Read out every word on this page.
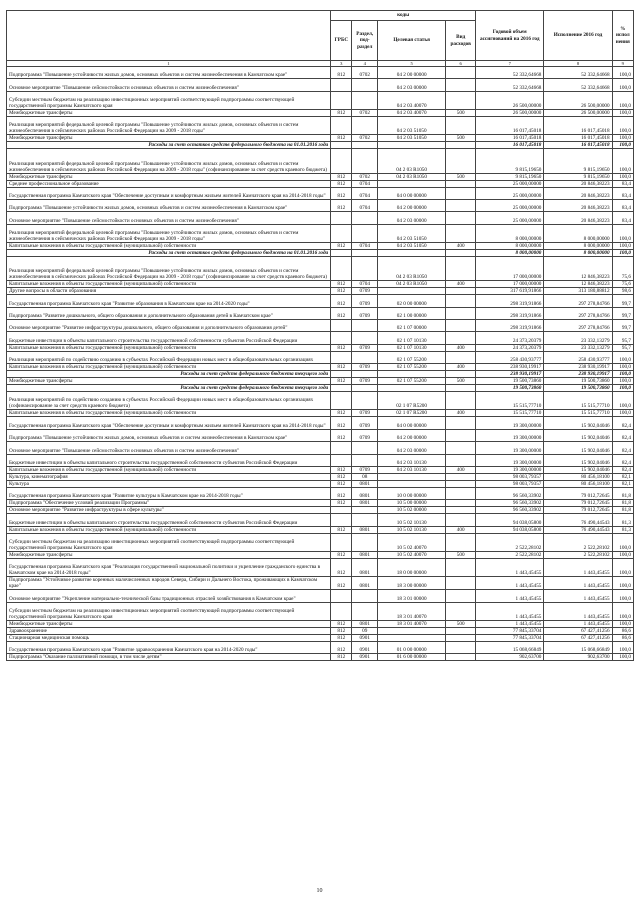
	коды				Годовой объем ассигнований на 2016 год	Исполнение 2016 год	% испол нения
	ГРБС	Раздел, под-раздел	Целевая статья	Вид расходов			
1	3	4	5	6	7	8	9
Подпрограмма "Повышение устойчивости жилых домов, основных объектов и систем жизнеобеспечения в Камчатском крае"	812	0702	04 2 00 00000		52 332,64668	52 332,64668	100,0
Основное мероприятие "Повышение сейсмостойкости основных объектов и систем жизнеобеспечения"			04 2 03 00000		52 332,64668	52 332,64668	100,0
Субсидии местным бюджетам на реализацию инвестиционных мероприятий соответствующей подпрограммы соответствующей государственной программы Камчатского края			04 2 03 40070		26 500,00000	26 500,00000	100,0
Межбюджетные трансферты	812	0702	04 2 03 40070	500	26 500,00000	26 500,00000	100,0
Реализация мероприятий федеральной целевой программы "Повышение устойчивости жилых домов, основных объектов и систем жизнеобеспечения в сейсмических районах Российской Федерации на 2009 - 2018 годы"			04 2 03 51050		16 017,45018	16 017,45018	100,0
Межбюджетные трансферты	812	0702	04 2 03 51050	500	16 017,45018	16 017,45018	100,0
Расходы за счет остатков средств федерального бюджета на 01.01.2016 года					16 017,45018	16 017,45018	100,0
Реализация мероприятий федеральной целевой программы "Повышение устойчивости жилых домов, основных объектов и систем жизнеобеспечения в сейсмических районах Российской Федерации на 2009 - 2018 годы" (софинансирование за счет средств краевого бюджета)			04 2 03 R1050		9 815,19650	9 815,19650	100,0
Межбюджетные трансферты	812	0702	04 2 03 R1050	500	9 815,19650	9 815,19650	100,0
Среднее профессиональное образование	812	0704			25 000,00000	20 846,38223	83,4
Государственная программа Камчатского края "Обеспечение доступным и комфортным жильем жителей Камчатского края на 2014-2018 годы"	812	0704	04 0 00 00000		25 000,00000	20 846,38223	83,4
Подпрограмма "Повышение устойчивости жилых домов, основных объектов и систем жизнеобеспечения в Камчатском крае"	812	0704	04 2 00 00000		25 000,00000	20 846,38223	83,4
Основное мероприятие "Повышение сейсмостойкости основных объектов и систем жизнеобеспечения"			04 2 03 00000		25 000,00000	20 846,38223	83,4
Реализация мероприятий федеральной целевой программы "Повышение устойчивости жилых домов, основных объектов и систем жизнеобеспечения в сейсмических районах Российской Федерации на 2009 - 2018 годы"			04 2 03 51050		8 000,00000	8 000,00000	100,0
Капитальные вложения в объекты государственной (муниципальной) собственности	812	0704	04 2 03 51050	400	8 000,00000	8 000,00000	100,0
Расходы за счет остатков средств федерального бюджета на 01.01.2016 года					8 000,00000	8 000,00000	100,0
Реализация мероприятий федеральной целевой программы "Повышение устойчивости жилых домов, основных объектов и систем жизнеобеспечения в сейсмических районах Российской Федерации на 2009 - 2018 годы" (софинансирование за счет средств краевого бюджета)			04 2 03 R1050		17 000,00000	12 846,38223	75,6
Капитальные вложения в объекты государственной (муниципальной) собственности	812	0704	04 2 03 R1050	400	17 000,00000	12 846,38223	75,6
Другие вопросы в области образования	812	0709			317 619,91866	313 180,88812	98,6
Государственная программа Камчатского края "Развитие образования в Камчатском крае на 2014-2020 годы"	812	0709	02 0 00 00000		298 319,91866	297 278,84766	99,7
Подпрограмма "Развитие дошкольного, общего образования и дополнительного образования детей в Камчатском крае"	812	0709	02 1 00 00000		298 319,91866	297 278,84766	99,7
Основное мероприятие "Развитие инфраструктуры дошкольного, общего образования и дополнительного образования детей"			02 1 07 00000		298 319,91866	297 278,84766	99,7
Бюджетные инвестиции в объекты капитального строительства государственной собственности субъектов Российской Федерации			02 1 07 10130		24 373,20379	23 332,13279	95,7
Капитальные вложения в объекты государственной (муниципальной) собственности	812	0709	02 1 07 10130	400	24 373,20379	23 332,13279	95,7
Реализация мероприятий по содействию созданию в субъектах Российской Федерации новых мест в общеобразовательных организациях			02 1 07 55200		258 430,93777	258 430,93777	100,0
Капитальные вложения в объекты государственной (муниципальной) собственности	812	0709	02 1 07 55200	400	238 930,19917	238 930,19917	100,0
Расходы за счет средств федерального бюджета текущего года					238 930,19917	238 930,19917	100,0
Межбюджетные трансферты	812	0709	02 1 07 55200	500	19 500,73860	19 500,73860	100,0
Расходы за счет средств федерального бюджета текущего года					19 500,73860	19 500,73860	100,0
Реализация мероприятий по содействию созданию в субъектах Российской Федерации новых мест в общеобразовательных организациях (софинансирование за счет средств краевого бюджета)			02 1 07 R5200		15 515,77710	15 515,77710	100,0
Капитальные вложения в объекты государственной (муниципальной) собственности	812	0709	02 1 07 R5200	400	15 515,77710	15 515,77710	100,0
Государственная программа Камчатского края "Обеспечение доступным и комфортным жильем жителей Камчатского края на 2014-2018 годы"	812	0709	04 0 00 00000		19 300,00000	15 902,04046	82,4
Подпрограмма "Повышение устойчивости жилых домов, основных объектов и систем жизнеобеспечения в Камчатском крае"	812	0709	04 2 00 00000		19 300,00000	15 902,04046	82,4
Основное мероприятие "Повышение сейсмостойкости основных объектов и систем жизнеобеспечения"			04 2 03 00000		19 300,00000	15 902,04046	82,4
Бюджетные инвестиции в объекты капитального строительства государственной собственности субъектов Российской Федерации			04 2 03 10130		19 300,00000	15 902,04046	82,4
Капитальные вложения в объекты государственной (муниципальной) собственности	812	0709	04 2 03 10130	400	19 300,00000	15 902,04046	82,4
Культура, кинематография	812	08			98 003,79357	80 456,18100	82,1
Культура	812	0801			98 003,79357	80 456,18100	82,1
Государственная программа Камчатского края "Развитие культуры в Камчатском крае на 2014-2018 годы"	812	0801	10 0 00 00000		96 560,33902	79 012,72645	81,8
Подпрограмма "Обеспечение условий реализации Программы"	812	0801	10 5 00 00000		96 560,33902	79 012,72645	81,8
Основное мероприятие "Развитие инфраструктуры в сфере культуры"			10 5 02 00000		96 560,33902	79 012,72645	81,8
Бюджетные инвестиции в объекты капитального строительства государственной собственности субъектов Российской Федерации			10 5 02 10130		94 038,05800	76 490,44543	81,3
Капитальные вложения в объекты государственной (муниципальной) собственности	812	0801	10 5 02 10130	400	94 038,05800	76 490,44543	81,3
Субсидии местным бюджетам на реализацию инвестиционных мероприятий соответствующей подпрограммы соответствующей государственной программы Камчатского края			10 5 02 40070		2 522,28102	2 522,28102	100,0
Межбюджетные трансферты	812	0801	10 5 02 40070	500	2 522,28102	2 522,28102	100,0
Государственная программа Камчатского края "Реализация государственной национальной политики и укрепление гражданского единства в Камчатском крае на 2014-2018 годы"	812	0801	18 0 00 00000		1 443,45455	1 443,45455	100,0
Подпрограмма "Устойчивое развитие коренных малочисленных народов Севера, Сибири и Дальнего Востока, проживающих в Камчатском крае"	812	0801	18 3 00 00000		1 443,45455	1 443,45455	100,0
Основное мероприятие "Укрепление материально-технической базы традиционных отраслей хозяйствования в Камчатском крае"			18 3 01 00000		1 443,45455	1 443,45455	100,0
Субсидии местным бюджетам на реализацию инвестиционных мероприятий соответствующей подпрограммы соответствующей государственной программы Камчатского края			18 3 01 40070		1 443,45455	1 443,45455	100,0
Межбюджетные трансферты	812	0801	18 3 01 40070	500	1 443,45455	1 443,45455	100,0
Здравоохранение	812	09			77 845,33704	67 427,41256	86,6
Стационарная медицинская помощь	812	0901			77 845,33704	67 427,41256	86,6
Государственная программа Камчатского края "Развитие здравоохранения Камчатского края на 2014-2020 годы"	812	0901	01 0 00 00000		15 068,66849	15 068,66849	100,0
Подпрограмма "Оказание паллиативной помощи, в том числе детям"	812	0901	01 6 00 00000		902,63700	902,63700	100,0
10
